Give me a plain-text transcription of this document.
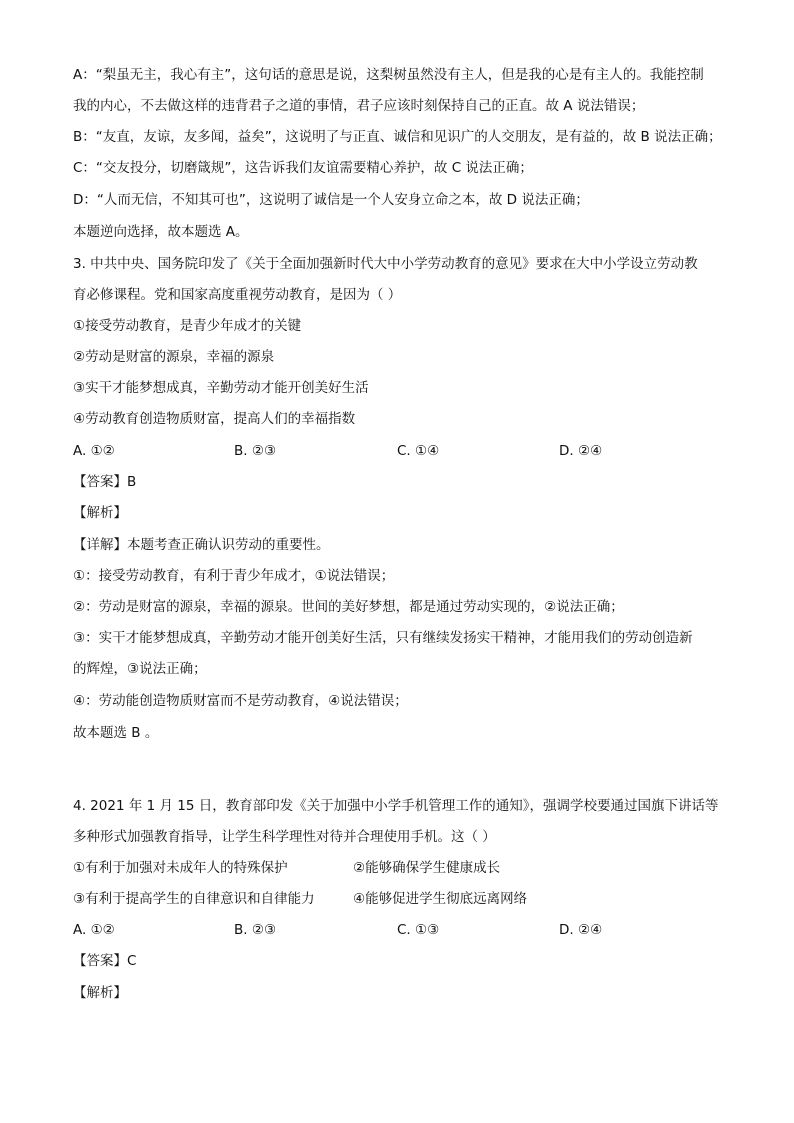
A：“梨虽无主，我心有主”，这句话的意思是说，这梨树虽然没有主人，但是我的心是有主人的。我能控制
我的内心，不去做这样的违背君子之道的事情，君子应该时刻保持自己的正直。故 A 说法错误；
B：“友直，友谅，友多闻，益矣”，这说明了与正直、诚信和见识广的人交朋友，是有益的，故 B 说法正确；
C：“交友投分，切磨箴规”，这告诉我们友谊需要精心养护，故 C 说法正确；
D：“人而无信，不知其可也”，这说明了诚信是一个人安身立命之本，故 D 说法正确；
本题逆向选择，故本题选 A。
3. 中共中央、国务院印发了《关于全面加强新时代大中小学劳动教育的意见》要求在大中小学设立劳动教
育必修课程。党和国家高度重视劳动教育，是因为（ ）
①接受劳动教育，是青少年成才的关键
②劳动是财富的源泉，幸福的源泉
③实干才能梦想成真，辛勤劳动才能开创美好生活
④劳动教育创造物质财富，提高人们的幸福指数
A. ①②	B. ②③	C. ①④	D. ②④
【答案】B
【解析】
【详解】本题考查正确认识劳动的重要性。
①：接受劳动教育，有利于青少年成才，①说法错误；
②：劳动是财富的源泉，幸福的源泉。世间的美好梦想，都是通过劳动实现的，②说法正确；
③：实干才能梦想成真，辛勤劳动才能开创美好生活，只有继续发扬实干精神，才能用我们的劳动创造新
的辉煌，③说法正确；
④：劳动能创造物质财富而不是劳动教育，④说法错误；
故本题选 B 。
4. 2021 年 1 月 15 日，教育部印发《关于加强中小学手机管理工作的通知》，强调学校要通过国旗下讲话等
多种形式加强教育指导，让学生科学理性对待并合理使用手机。这（ ）
①有利于加强对未成年人的特殊保护	②能够确保学生健康成长
③有利于提高学生的自律意识和自律能力	④能够促进学生彻底远离网络
A. ①②	B. ②③	C. ①③	D. ②④
【答案】C
【解析】
